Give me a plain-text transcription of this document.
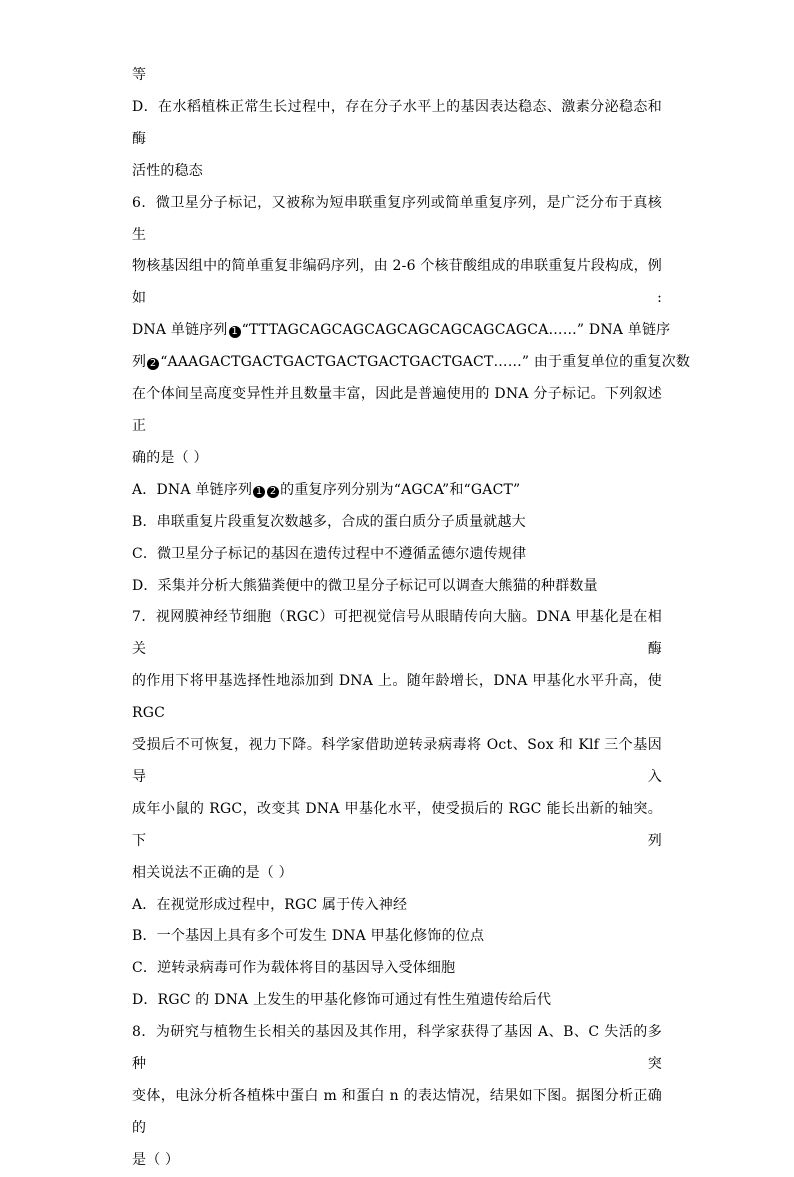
等
D．在水稻植株正常生长过程中，存在分子水平上的基因表达稳态、激素分泌稳态和酶
活性的稳态
6．微卫星分子标记，又被称为短串联重复序列或简单重复序列，是广泛分布于真核生
物核基因组中的简单重复非编码序列，由 2-6 个核苷酸组成的串联重复片段构成，例如:
DNA 单链序列 1 “TTTAGCAGCAGCAGCAGCAGCAGCAGCA……” DNA 单链序
列 2 “AAAGACTGACTGACTGACTGACTGACTGACT……” 由于重复单位的重复次数
在个体间呈高度变异性并且数量丰富，因此是普遍使用的 DNA 分子标记。下列叙述正
确的是（ ）
A．DNA 单链序列 1 2 的重复序列分别为“AGCA”和“GACT”
B．串联重复片段重复次数越多，合成的蛋白质分子质量就越大
C．微卫星分子标记的基因在遗传过程中不遵循孟德尔遗传规律
D．采集并分析大熊猫粪便中的微卫星分子标记可以调查大熊猫的种群数量
7．视网膜神经节细胞（RGC）可把视觉信号从眼睛传向大脑。DNA 甲基化是在相关酶
的作用下将甲基选择性地添加到 DNA 上。随年龄增长，DNA 甲基化水平升高，使 RGC
受损后不可恢复，视力下降。科学家借助逆转录病毒将 Oct、Sox 和 Klf 三个基因导入
成年小鼠的 RGC，改变其 DNA 甲基化水平，使受损后的 RGC 能长出新的轴突。下列
相关说法不正确的是（ ）
A．在视觉形成过程中，RGC 属于传入神经
B．一个基因上具有多个可发生 DNA 甲基化修饰的位点
C．逆转录病毒可作为载体将目的基因导入受体细胞
D．RGC 的 DNA 上发生的甲基化修饰可通过有性生殖遗传给后代
8．为研究与植物生长相关的基因及其作用，科学家获得了基因 A、B、C 失活的多种突
变体，电泳分析各植株中蛋白 m 和蛋白 n 的表达情况，结果如下图。据图分析正确的
是（ ）
